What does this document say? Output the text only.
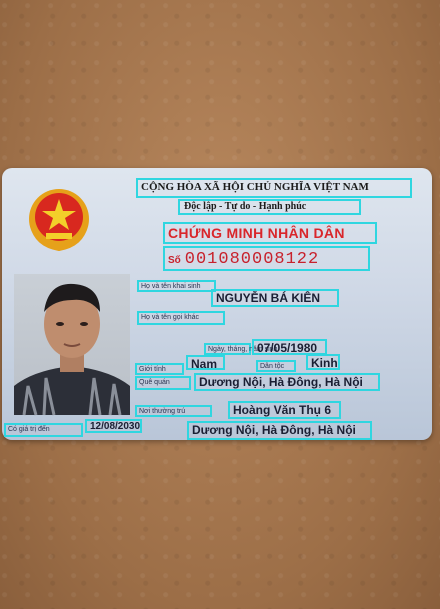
CỘNG HÒA XÃ HỘI CHỦ NGHĨA VIỆT NAM
Độc lập - Tự do - Hạnh phúc
CHỨNG MINH NHÂN DÂN
Số 001080008122
Họ và tên khai sinh
NGUYỄN BÁ KIÊN
Họ và tên gọi khác
Ngày, tháng, năm sinh
07/05/1980
Giới tính	Nam	Dân tộc	Kinh
Quê quán	Dương Nội, Hà Đông, Hà Nội
Nơi thường trú	Hoàng Văn Thụ 6
Dương Nội, Hà Đông, Hà Nội
Có giá trị đến	12/08/2030
